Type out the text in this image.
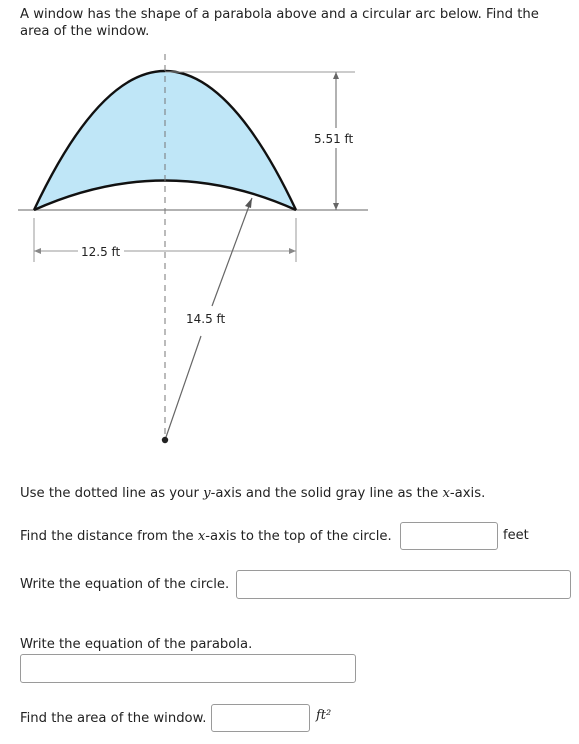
A window has the shape of a parabola above and a circular arc below. Find the area of the window.
5.51 ft
12.5 ft
14.5 ft
Use the dotted line as your y-axis and the solid gray line as the x-axis.
Find the distance from the x-axis to the top of the circle.	feet
Write the equation of the circle.
Write the equation of the parabola.
Find the area of the window.	ft²
